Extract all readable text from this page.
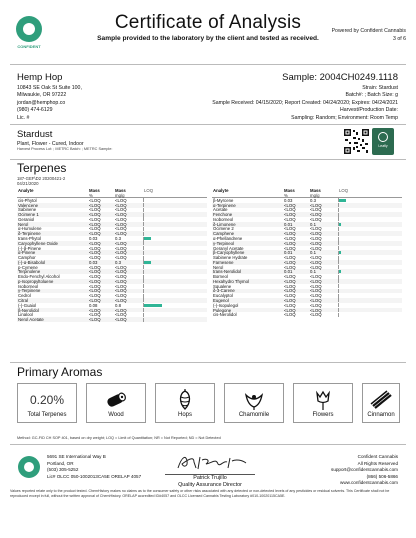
CONFIDENT
Certificate of Analysis
Sample provided to the laboratory by the client and tested as received.
Powered by Confident Cannabis
3 of 6
Hemp Hop
10843 SE Oak St Suite 100,
Milwaukie, OR 97222
jordan@hemphop.co
(980) 474-6129
Lic. #
Sample: 2004CH0249.1118
Strain: Stardust
Batch#: ; Batch Size: g
Sample Received: 04/15/2020; Report Created: 04/24/2020; Expires: 04/24/2021
Harvest/Production Date:
Sampling: Random; Environment: Room Temp
Stardust
Plant, Flower - Cured, Indoor
Harvest Process Lot: ; METRC Batch: ; METRC Sample:
Leafly
Terpenes
187-GEF\D2 20200421-2
04/21/2020
Analyte	Mass	Mass	LOQ
%	mg/g
cis-Phytol	<LOQ	<LOQ
Valencene	<LOQ	<LOQ
Sabinene	<LOQ	<LOQ
Ocimene 1	<LOQ	<LOQ
Geraniol	<LOQ	<LOQ
Nerol	<LOQ	<LOQ
α-Humulene	<LOQ	<LOQ
δ-Terpinene	<LOQ	<LOQ
trans-Phytol	0.03	0.3
Caryophyllene Oxide	<LOQ	<LOQ
(-)-β-Pinene	<LOQ	<LOQ
α-Pinene	<LOQ	<LOQ
Camphor	<LOQ	<LOQ
(-)-α-Bisabolol	0.03	0.3
p-Cymene	<LOQ	<LOQ
Terpinolene	<LOQ	<LOQ
Endo-Fenchyl Alcohol	<LOQ	<LOQ
p-Isopropyltoluene	<LOQ	<LOQ
Isoborneol	<LOQ	<LOQ
γ-Terpinene	<LOQ	<LOQ
Cedrol	<LOQ	<LOQ
Citral	<LOQ	<LOQ
(-)-Guaiol	0.08	0.8
β-Nerolidol	<LOQ	<LOQ
Linalool	<LOQ	<LOQ
Nerol Acetate	<LOQ	<LOQ
Analyte	Mass	Mass	LOQ
%	mg/g
β-Myrcene	0.03	0.3
α-Terpinene	<LOQ	<LOQ
Acetate	<LOQ	<LOQ
Fenchone	<LOQ	<LOQ
Isoborneol	<LOQ	<LOQ
δ-Limonene	0.01	0.1
Ocimene 2	<LOQ	<LOQ
Camphene	<LOQ	<LOQ
α-Phellandrene	<LOQ	<LOQ
γ-Terpineol	<LOQ	<LOQ
Geranyl Acetate	<LOQ	<LOQ
β-Caryophyllene	0.01	0.1
Sabinene Hydrate	<LOQ	<LOQ
Farnesene	<LOQ	<LOQ
Nerol	<LOQ	<LOQ
trans-Nerolidol	0.01	0.1
Borneol	<LOQ	<LOQ
Hexahydro Thymol	<LOQ	<LOQ
Squalene	<LOQ	<LOQ
δ-3-Carene	<LOQ	<LOQ
Eucalyptol	<LOQ	<LOQ
Eugenol	<LOQ	<LOQ
(-)-Isopulegol	<LOQ	<LOQ
Pulegone	<LOQ	<LOQ
cis-Nerolidol	<LOQ	<LOQ
Primary Aromas
0.20%
Total Terpenes	Wood	Hops	Chamomile	Flowers	Cinnamon
Method: GC-FID CH SOP 401, based on dry weight; LOQ = Limit of Quantitation; NR = Not Reported; ND = Not Detected
5691 SE International Way B
Portland, OR
(503) 305-5252
Lic# OLCC 050-1002013CA5E ORELAP 4057	Patrick Trujillo
Quality Assurance Director
Confident Cannabis
All Rights Reserved
support@confidentcannabis.com
(866) 506-5866
www.confidentcannabis.com
Values reported relate only to the product tested. ChemHistory makes no claims as to the consumer safety or other risks associated with any detected or non-detected levels of any pesticides or residual solvents. This Certificate shall not be reproduced except in full, without the written approval of ChemHistory. ORELAP accredited ID#4057 and OLCC Licensed Cannabis Testing Laboratory #010-10020115CA5E.
